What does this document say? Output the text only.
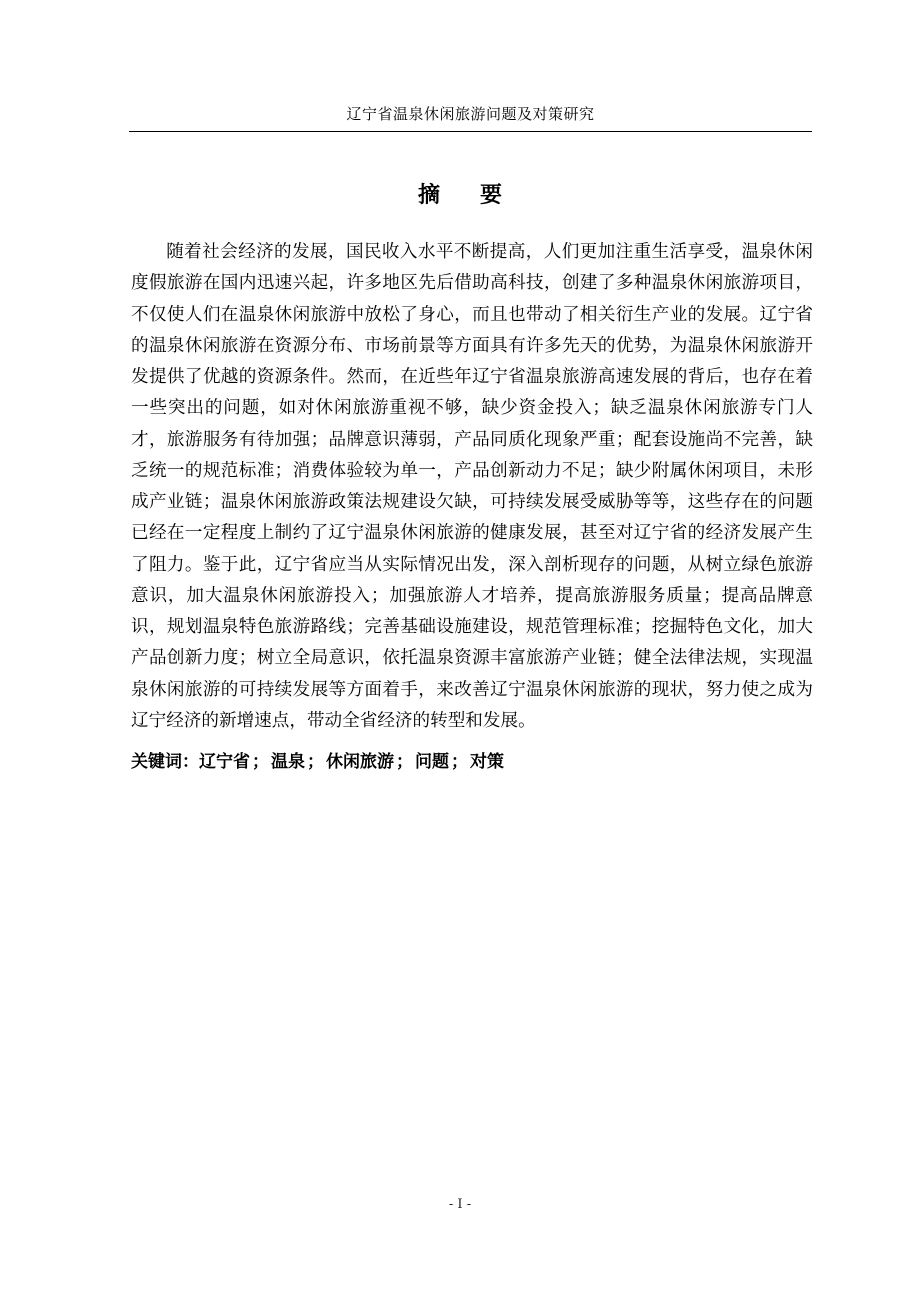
辽宁省温泉休闲旅游问题及对策研究
摘要

随着社会经济的发展，国民收入水平不断提高，人们更加注重生活享受，温泉休闲度假旅游在国内迅速兴起，许多地区先后借助高科技，创建了多种温泉休闲旅游项目，不仅使人们在温泉休闲旅游中放松了身心，而且也带动了相关衍生产业的发展。辽宁省的温泉休闲旅游在资源分布、市场前景等方面具有许多先天的优势，为温泉休闲旅游开发提供了优越的资源条件。然而，在近些年辽宁省温泉旅游高速发展的背后，也存在着一些突出的问题，如对休闲旅游重视不够，缺少资金投入；缺乏温泉休闲旅游专门人才，旅游服务有待加强；品牌意识薄弱，产品同质化现象严重；配套设施尚不完善，缺乏统一的规范标准；消费体验较为单一，产品创新动力不足；缺少附属休闲项目，未形成产业链；温泉休闲旅游政策法规建设欠缺，可持续发展受威胁等等，这些存在的问题已经在一定程度上制约了辽宁温泉休闲旅游的健康发展，甚至对辽宁省的经济发展产生了阻力。鉴于此，辽宁省应当从实际情况出发，深入剖析现存的问题，从树立绿色旅游意识，加大温泉休闲旅游投入；加强旅游人才培养，提高旅游服务质量；提高品牌意识，规划温泉特色旅游路线；完善基础设施建设，规范管理标准；挖掘特色文化，加大产品创新力度；树立全局意识，依托温泉资源丰富旅游产业链；健全法律法规，实现温泉休闲旅游的可持续发展等方面着手，来改善辽宁温泉休闲旅游的现状，努力使之成为辽宁经济的新增速点，带动全省经济的转型和发展。

关键词：辽宁省 ； 温泉 ； 休闲旅游 ； 问题 ； 对策
- I -
